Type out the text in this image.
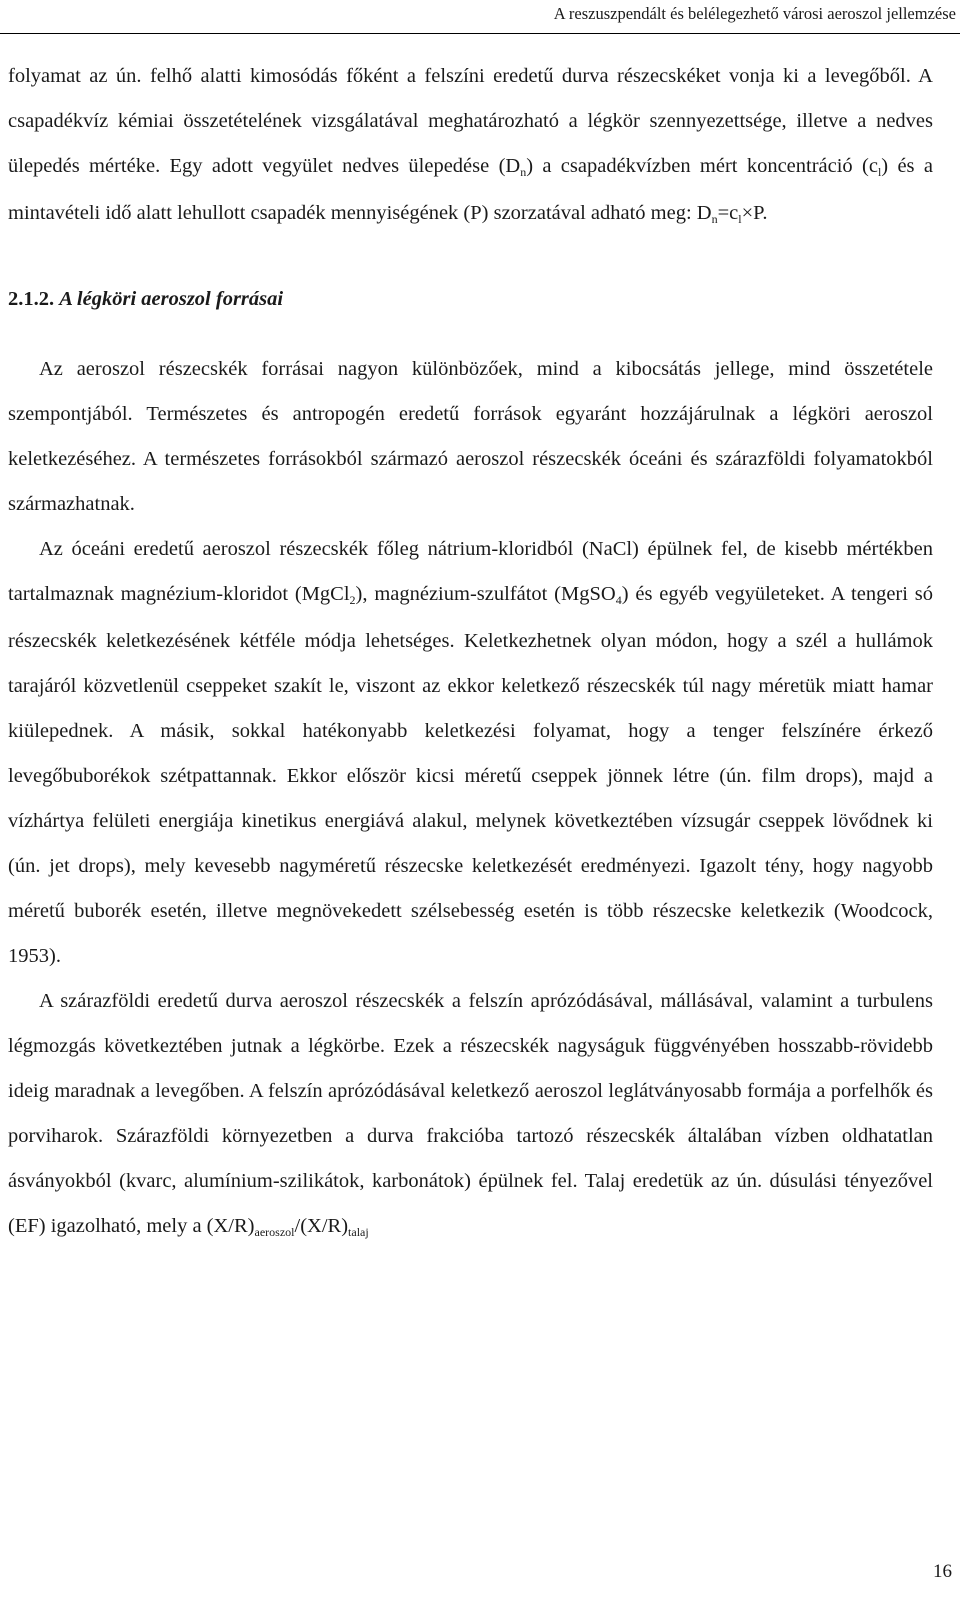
A reszuszpendált és belélegezhető városi aeroszol jellemzése

folyamat az ún. felhő alatti kimosódás főként a felszíni eredetű durva részecskéket vonja ki a levegőből. A csapadékvíz kémiai összetételének vizsgálatával meghatározható a légkör szennyezettsége, illetve a nedves ülepedés mértéke. Egy adott vegyület nedves ülepedése $(D_n)$ a csapadékvízben mért koncentráció $(c_l)$ és a mintavételi idő alatt lehullott csapadék mennyiségének (P) szorzatával adható meg: $D_n=c_l\times P$.

2.1.2. A légköri aeroszol forrásai

Az aeroszol részecskék forrásai nagyon különbözőek, mind a kibocsátás jellege, mind összetétele szempontjából. Természetes és antropogén eredetű források egyaránt hozzájárulnak a légköri aeroszol keletkezéséhez. A természetes forrásokból származó aeroszol részecskék óceáni és szárazföldi folyamatokból származhatnak.

Az óceáni eredetű aeroszol részecskék főleg nátrium-kloridból (NaCl) épülnek fel, de kisebb mértékben tartalmaznak magnézium-kloridot (MgCl$_2$), magnézium-szulfátot (MgSO$_4$) és egyéb vegyületeket. A tengeri só részecskék keletkezésének kétféle módja lehetséges. Keletkezhetnek olyan módon, hogy a szél a hullámok tarajáról közvetlenül cseppeket szakít le, viszont az ekkor keletkező részecskék túl nagy méretük miatt hamar kiülepednek. A másik, sokkal hatékonyabb keletkezési folyamat, hogy a tenger felszínére érkező levegőbuborékok szétpattannak. Ekkor először kicsi méretű cseppek jönnek létre (ún. film drops), majd a vízhártya felületi energiája kinetikus energiává alakul, melynek következtében vízsugár cseppek lövődnek ki (ún. jet drops), mely kevesebb nagyméretű részecske keletkezését eredményezi. Igazolt tény, hogy nagyobb méretű buborék esetén, illetve megnövekedett szélsebesség esetén is több részecske keletkezik (Woodcock, 1953).

A szárazföldi eredetű durva aeroszol részecskék a felszín aprózódásával, mállásával, valamint a turbulens légmozgás következtében jutnak a légkörbe. Ezek a részecskék nagyságuk függvényében hosszabb-rövidebb ideig maradnak a levegőben. A felszín aprózódásával keletkező aeroszol leglátványosabb formája a porfelhők és porviharok. Szárazföldi környezetben a durva frakcióba tartozó részecskék általában vízben oldhatatlan ásványokból (kvarc, alumínium-szilikátok, karbonátok) épülnek fel. Talaj eredetük az ún. dúsulási tényezővel (EF) igazolható, mely a $(X/R)_{aeroszol}/(X/R)_{talaj}$

16
